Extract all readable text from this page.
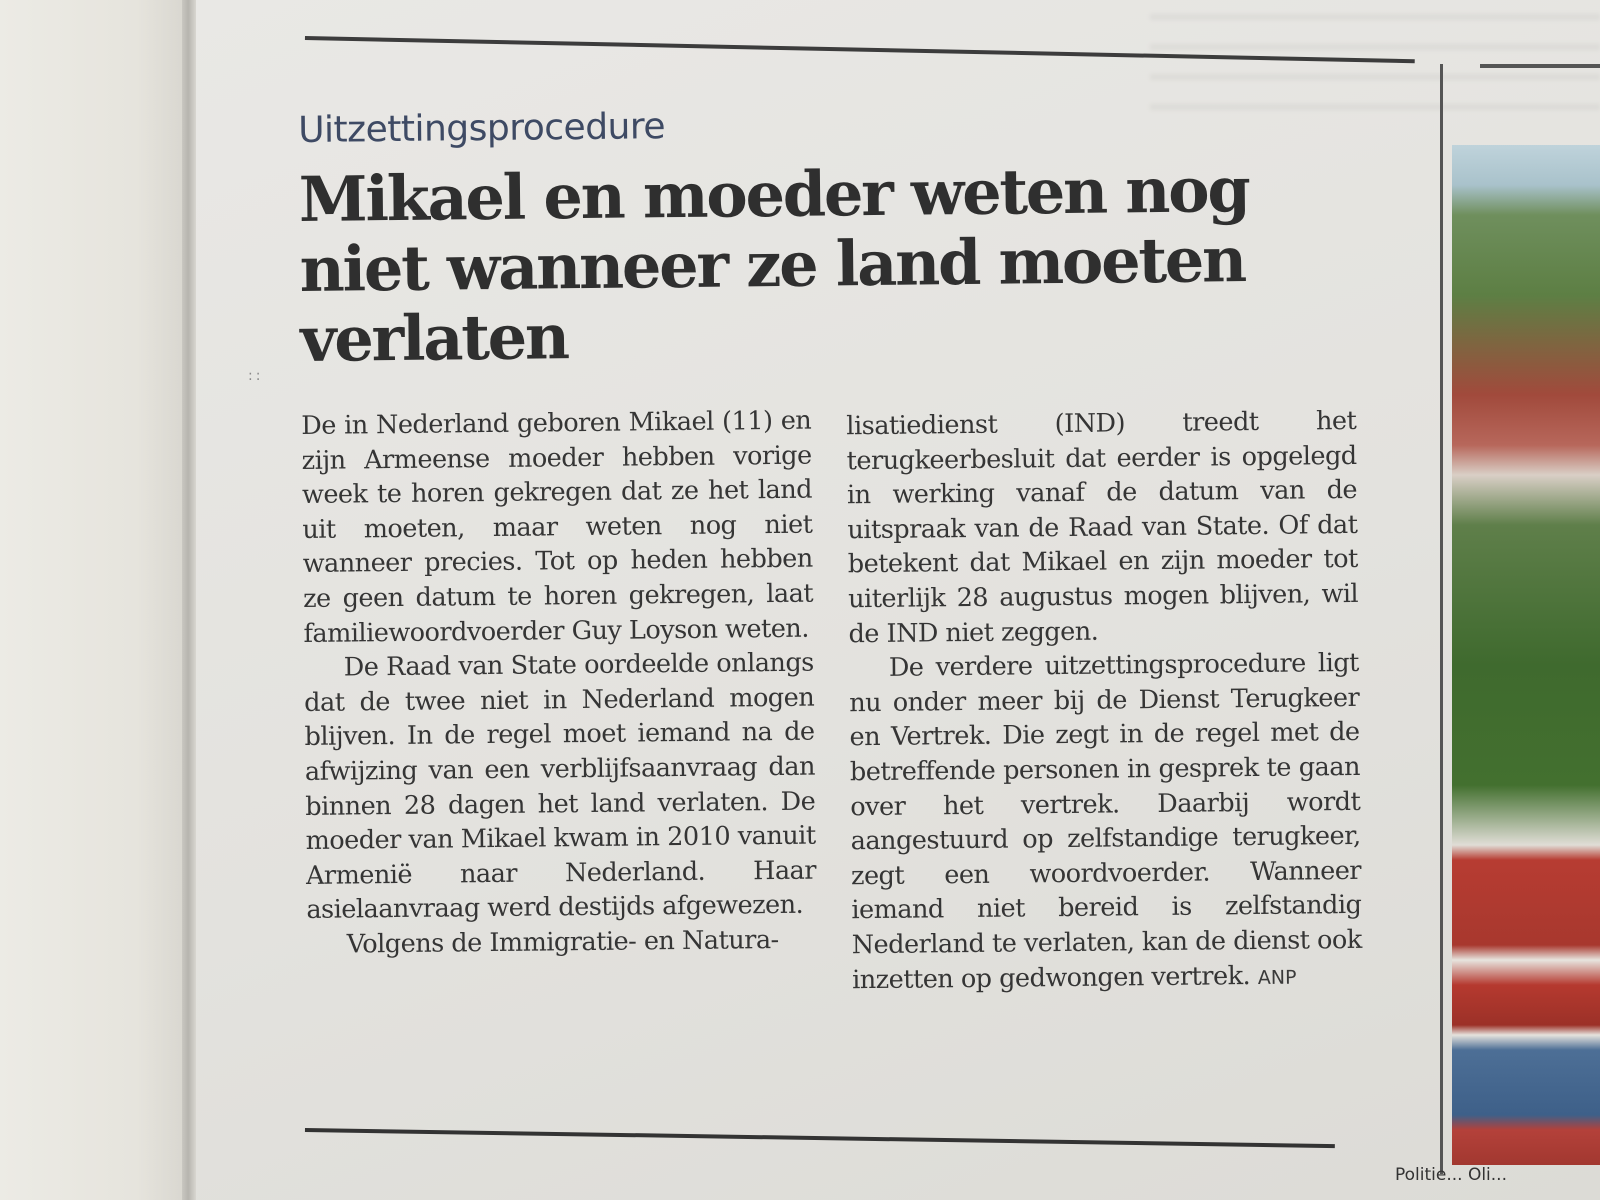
::
Uitzettingsprocedure
Mikael en moeder weten nog niet wanneer ze land moeten verlaten

De in Nederland geboren Mikael (11) en zijn Armeense moeder hebben vorige week te horen gekregen dat ze het land uit moeten, maar weten nog niet wanneer precies. Tot op heden hebben ze geen datum te horen gekregen, laat familiewoordvoerder Guy Loyson weten.

De Raad van State oordeelde onlangs dat de twee niet in Nederland mogen blijven. In de regel moet iemand na de afwijzing van een verblijfsaanvraag dan binnen 28 dagen het land verlaten. De moeder van Mikael kwam in 2010 vanuit Armenië naar Nederland. Haar asielaanvraag werd destijds afgewezen.

Volgens de Immigratie- en Natura-

lisatiedienst (IND) treedt het terugkeerbesluit dat eerder is opgelegd in werking vanaf de datum van de uitspraak van de Raad van State. Of dat betekent dat Mikael en zijn moeder tot uiterlijk 28 augustus mogen blijven, wil de IND niet zeggen.

De verdere uitzettingsprocedure ligt nu onder meer bij de Dienst Terugkeer en Vertrek. Die zegt in de regel met de betreffende personen in gesprek te gaan over het vertrek. Daarbij wordt aangestuurd op zelfstandige terugkeer, zegt een woordvoerder. Wanneer iemand niet bereid is zelfstandig Nederland te verlaten, kan de dienst ook inzetten op gedwongen vertrek. ANP

Politie... Oli...
